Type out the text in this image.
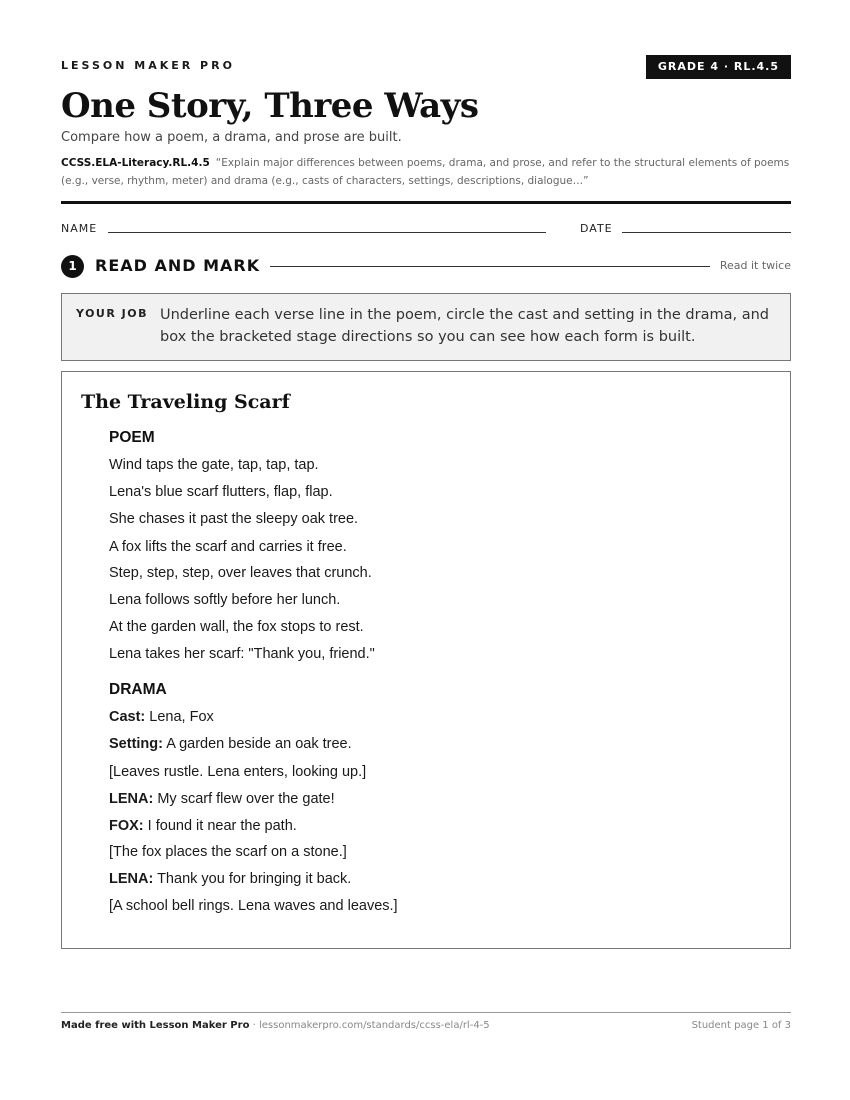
LESSON MAKER PRO	GRADE 4 · RL.4.5
One Story, Three Ways
Compare how a poem, a drama, and prose are built.
CCSS.ELA-Literacy.RL.4.5 “Explain major differences between poems, drama, and prose, and refer to the structural elements of poems (e.g., verse, rhythm, meter) and drama (e.g., casts of characters, settings, descriptions, dialogue…”
NAME	DATE
1	READ AND MARK	Read it twice
YOUR JOB Underline each verse line in the poem, circle the cast and setting in the drama, and box the bracketed stage directions so you can see how each form is built.
The Traveling Scarf
POEM
Wind taps the gate, tap, tap, tap.
Lena's blue scarf flutters, flap, flap.
She chases it past the sleepy oak tree.
A fox lifts the scarf and carries it free.
Step, step, step, over leaves that crunch.
Lena follows softly before her lunch.
At the garden wall, the fox stops to rest.
Lena takes her scarf: "Thank you, friend."
DRAMA
Cast: Lena, Fox
Setting: A garden beside an oak tree.
[Leaves rustle. Lena enters, looking up.]
LENA: My scarf flew over the gate!
FOX: I found it near the path.
[The fox places the scarf on a stone.]
LENA: Thank you for bringing it back.
[A school bell rings. Lena waves and leaves.]
Made free with Lesson Maker Pro · lessonmakerpro.com/standards/ccss-ela/rl-4-5	Student page 1 of 3
